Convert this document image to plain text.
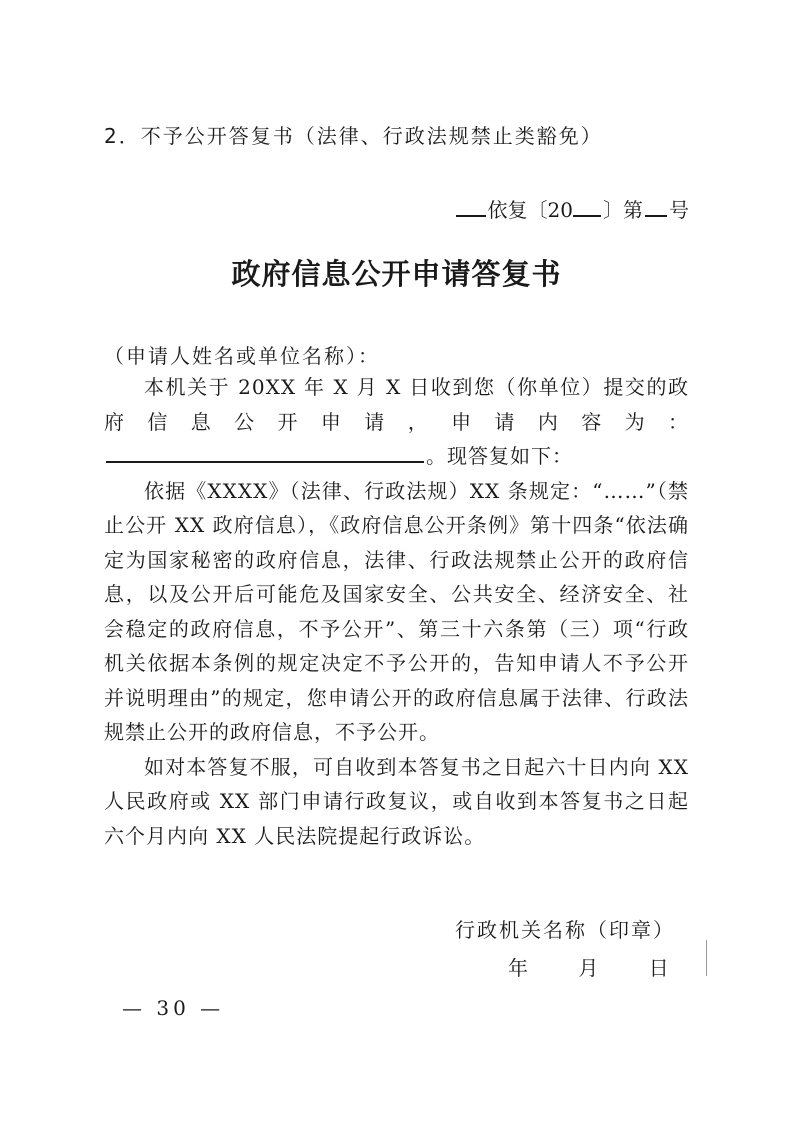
2．不予公开答复书（法律、行政法规禁止类豁免）
依复〔20 〕第 号
政府信息公开申请答复书
（申请人姓名或单位名称）：

本机关于 20XX 年 X 月 X 日收到您（你单位）提交的政府信息公开申请，申请内容为：。现答复如下：

依据《XXXX》（法律、行政法规）XX 条规定：“……”（禁止公开 XX 政府信息），《政府信息公开条例》第十四条“依法确定为国家秘密的政府信息，法律、行政法规禁止公开的政府信息，以及公开后可能危及国家安全、公共安全、经济安全、社会稳定的政府信息，不予公开”、第三十六条第（三）项“行政机关依据本条例的规定决定不予公开的，告知申请人不予公开并说明理由”的规定，您申请公开的政府信息属于法律、行政法规禁止公开的政府信息，不予公开。

如对本答复不服，可自收到本答复书之日起六十日内向 XX 人民政府或 XX 部门申请行政复议，或自收到本答复书之日起六个月内向 XX 人民法院提起行政诉讼。

行政机关名称（印章）
年 月 日
— 30 —
